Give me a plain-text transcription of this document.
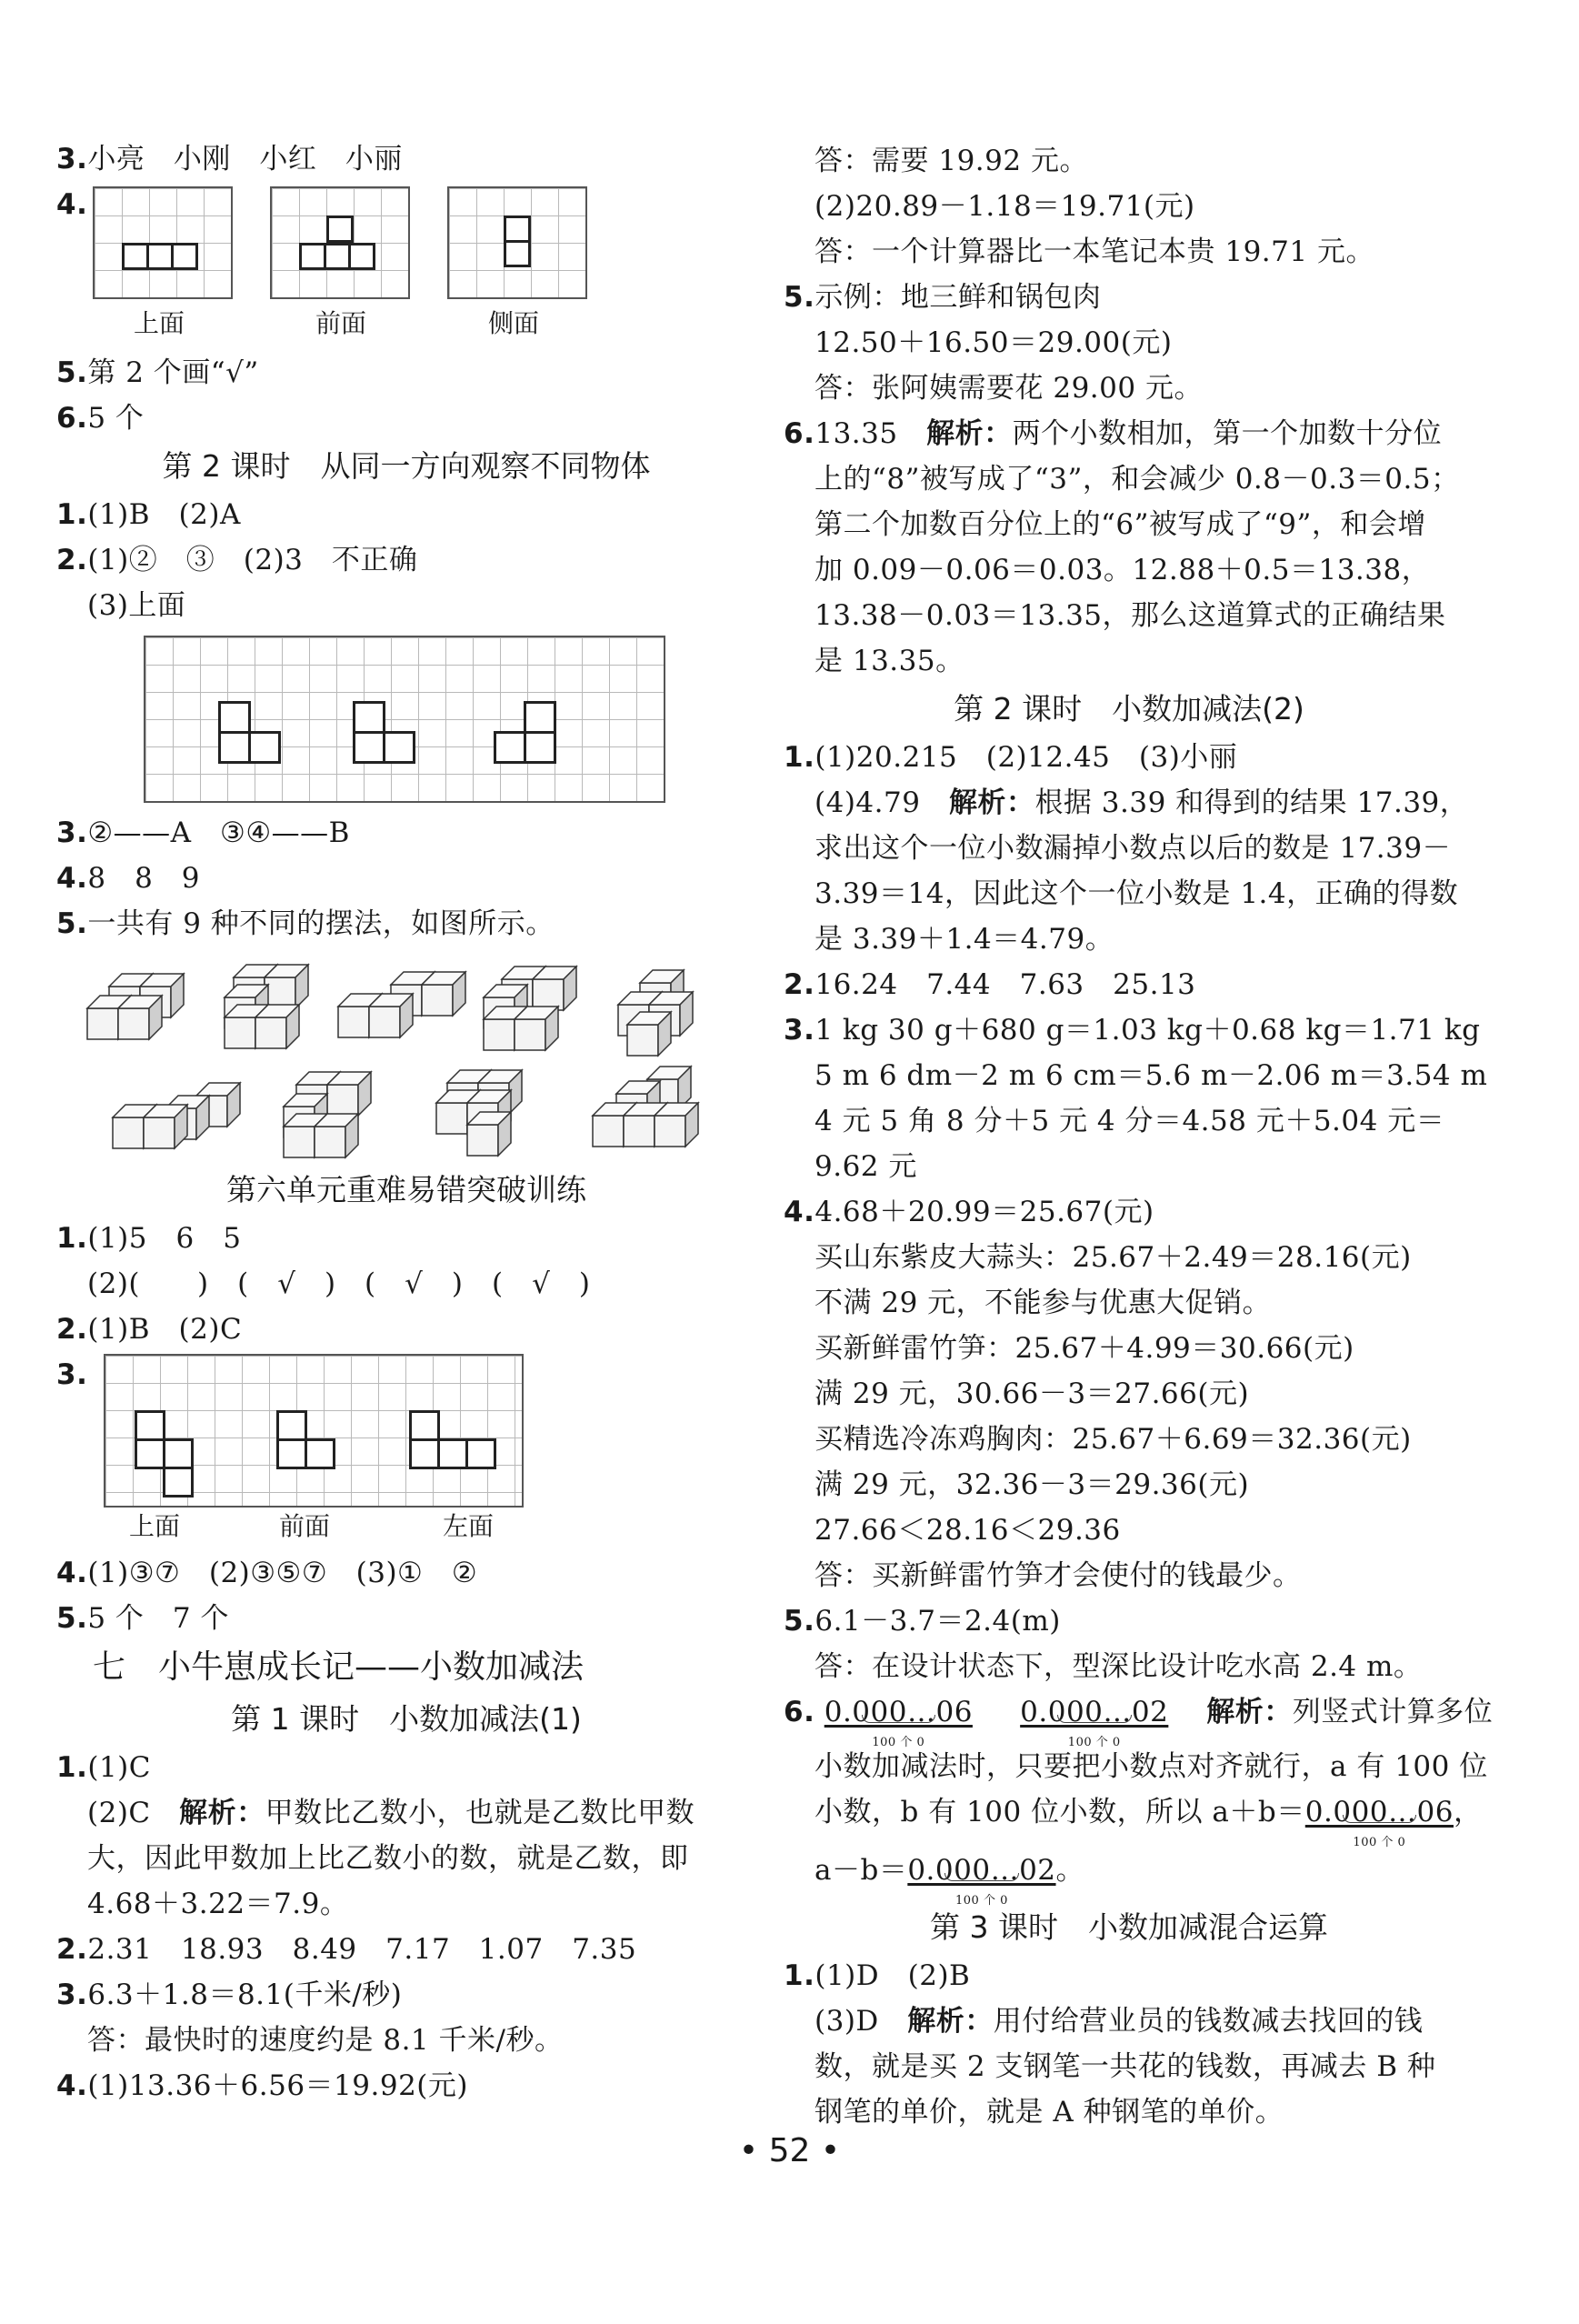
3.小亮　小刚　小红　小丽
4.
上面	前面	侧面
5.第 2 个画“√”
6.5 个
第 2 课时　从同一方向观察不同物体
1.(1)B　(2)A
2.(1)②　③　(2)3　不正确
(3)上面
3.②——A　③④——B
4.8　8　9
5.一共有 9 种不同的摆法，如图所示。
第六单元重难易错突破训练
1.(1)5　6　5
(2)(　　)　(　√　)　(　√　)　(　√　)
2.(1)B　(2)C
3.
上面	前面	左面
4.(1)③⑦　(2)③⑤⑦　(3)①　②
5.5 个　7 个
七　小牛崽成长记——小数加减法
第 1 课时　小数加减法(1)
1.(1)C
(2)C　解析：甲数比乙数小，也就是乙数比甲数
大，因此甲数加上比乙数小的数，就是乙数，即
4.68＋3.22＝7.9。
2.2.31　18.93　8.49　7.17　1.07　7.35
3.6.3＋1.8＝8.1(千米/秒)
答：最快时的速度约是 8.1 千米/秒。
4.(1)13.36＋6.56＝19.92(元)
答：需要 19.92 元。
(2)20.89－1.18＝19.71(元)
答：一个计算器比一本笔记本贵 19.71 元。
5.示例：地三鲜和锅包肉
12.50＋16.50＝29.00(元)
答：张阿姨需要花 29.00 元。
6.13.35　解析：两个小数相加，第一个加数十分位
上的“8”被写成了“3”，和会减少 0.8－0.3＝0.5；
第二个加数百分位上的“6”被写成了“9”，和会增
加 0.09－0.06＝0.03。12.88＋0.5＝13.38，
13.38－0.03＝13.35，那么这道算式的正确结果
是 13.35。
第 2 课时　小数加减法(2)
1.(1)20.215　(2)12.45　(3)小丽
(4)4.79　解析：根据 3.39 和得到的结果 17.39，
求出这个一位小数漏掉小数点以后的数是 17.39－
3.39＝14，因此这个一位小数是 1.4，正确的得数
是 3.39＋1.4＝4.79。
2.16.24　7.44　7.63　25.13
3.1 kg 30 g＋680 g＝1.03 kg＋0.68 kg＝1.71 kg
5 m 6 dm－2 m 6 cm＝5.6 m－2.06 m＝3.54 m
4 元 5 角 8 分＋5 元 4 分＝4.58 元＋5.04 元＝
9.62 元
4.4.68＋20.99＝25.67(元)
买山东紫皮大蒜头：25.67＋2.49＝28.16(元)
不满 29 元，不能参与优惠大促销。
买新鲜雷竹笋：25.67＋4.99＝30.66(元)
满 29 元，30.66－3＝27.66(元)
买精选冷冻鸡胸肉：25.67＋6.69＝32.36(元)
满 29 元，32.36－3＝29.36(元)
27.66＜28.16＜29.36
答：买新鲜雷竹笋才会使付的钱最少。
5.6.1－3.7＝2.4(m)
答：在设计状态下，型深比设计吃水高 2.4 m。
6. 0.000…06
100 个 0
　 0.000…02
100 个 0
　解析：列竖式计算多位
小数加减法时，只要把小数点对齐就行，a 有 100 位
小数，b 有 100 位小数，所以 a＋b＝0.000…06
100 个 0
，
a－b＝0.000…02
100 个 0
。
第 3 课时　小数加减混合运算
1.(1)D　(2)B
(3)D　解析：用付给营业员的钱数减去找回的钱
数，就是买 2 支钢笔一共花的钱数，再减去 B 种
钢笔的单价，就是 A 种钢笔的单价。
• 52 •
